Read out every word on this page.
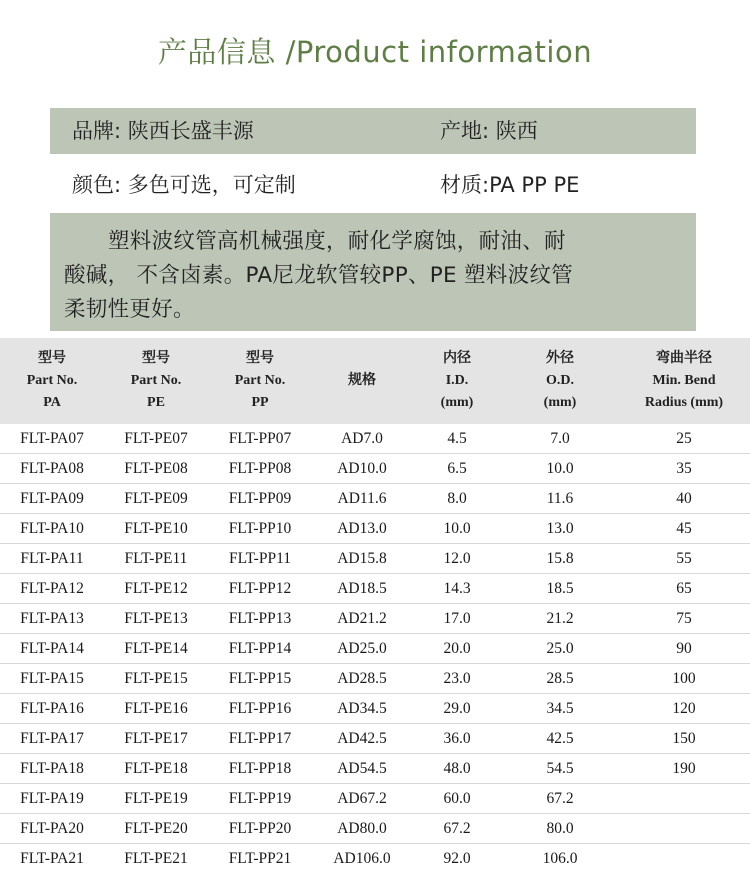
产品信息 /Product information
品牌: 陕西长盛丰源	产地: 陕西
颜色: 多色可选，可定制	材质:PA PP PE
塑料波纹管高机械强度，耐化学腐蚀，耐油、耐
酸碱， 不含卤素。PA尼龙软管较PP、PE 塑料波纹管
柔韧性更好。
型号
Part No.
PA	型号
Part No.
PE	型号
Part No.
PP	规格	内径
I.D.
(mm)	外径
O.D.
(mm)	弯曲半径
Min. Bend
Radius (mm)

FLT-PA07	FLT-PE07	FLT-PP07	AD7.0	4.5	7.0	25
FLT-PA08	FLT-PE08	FLT-PP08	AD10.0	6.5	10.0	35
FLT-PA09	FLT-PE09	FLT-PP09	AD11.6	8.0	11.6	40
FLT-PA10	FLT-PE10	FLT-PP10	AD13.0	10.0	13.0	45
FLT-PA11	FLT-PE11	FLT-PP11	AD15.8	12.0	15.8	55
FLT-PA12	FLT-PE12	FLT-PP12	AD18.5	14.3	18.5	65
FLT-PA13	FLT-PE13	FLT-PP13	AD21.2	17.0	21.2	75
FLT-PA14	FLT-PE14	FLT-PP14	AD25.0	20.0	25.0	90
FLT-PA15	FLT-PE15	FLT-PP15	AD28.5	23.0	28.5	100
FLT-PA16	FLT-PE16	FLT-PP16	AD34.5	29.0	34.5	120
FLT-PA17	FLT-PE17	FLT-PP17	AD42.5	36.0	42.5	150
FLT-PA18	FLT-PE18	FLT-PP18	AD54.5	48.0	54.5	190
FLT-PA19	FLT-PE19	FLT-PP19	AD67.2	60.0	67.2	
FLT-PA20	FLT-PE20	FLT-PP20	AD80.0	67.2	80.0	
FLT-PA21	FLT-PE21	FLT-PP21	AD106.0	92.0	106.0	
